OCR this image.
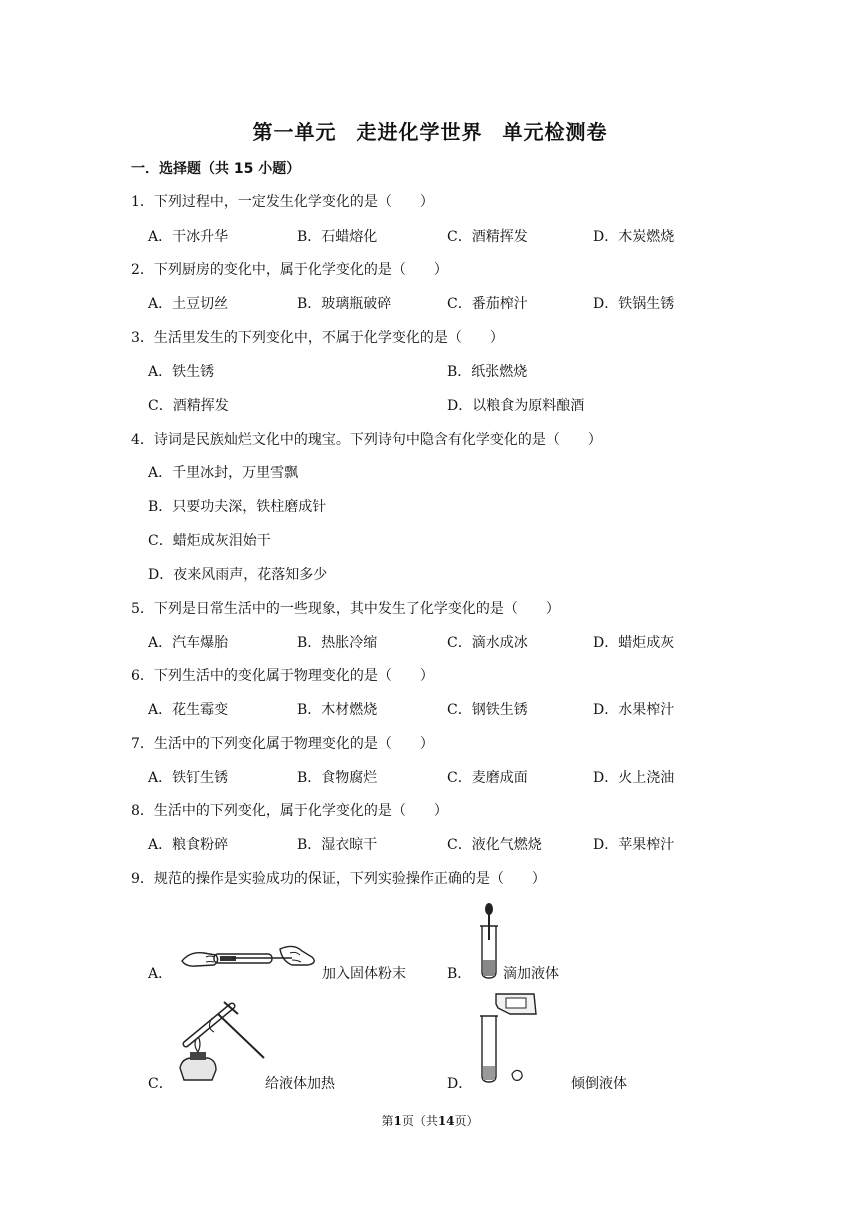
第一单元 走进化学世界 单元检测卷
一．选择题（共 15 小题）
1．下列过程中，一定发生化学变化的是（　　）
A．干冰升华	B．石蜡熔化	C．酒精挥发	D．木炭燃烧
2．下列厨房的变化中，属于化学变化的是（　　）
A．土豆切丝	B．玻璃瓶破碎	C．番茄榨汁	D．铁锅生锈
3．生活里发生的下列变化中，不属于化学变化的是（　　）
A．铁生锈	B．纸张燃烧
C．酒精挥发	D．以粮食为原料酿酒
4．诗词是民族灿烂文化中的瑰宝。下列诗句中隐含有化学变化的是（　　）
A．千里冰封，万里雪飘
B．只要功夫深，铁柱磨成针
C．蜡炬成灰泪始干
D．夜来风雨声，花落知多少
5．下列是日常生活中的一些现象，其中发生了化学变化的是（　　）
A．汽车爆胎	B．热胀冷缩	C．滴水成冰	D．蜡炬成灰
6．下列生活中的变化属于物理变化的是（　　）
A．花生霉变	B．木材燃烧	C．钢铁生锈	D．水果榨汁
7．生活中的下列变化属于物理变化的是（　　）
A．铁钉生锈	B．食物腐烂	C．麦磨成面	D．火上浇油
8．生活中的下列变化，属于化学变化的是（　　）
A．粮食粉碎	B．湿衣晾干	C．液化气燃烧	D．苹果榨汁
9．规范的操作是实验成功的保证，下列实验操作正确的是（　　）
A．	加入固体粉末	B． 滴加液体
C．	给液体加热	D．	倾倒液体
第1页（共14页）
